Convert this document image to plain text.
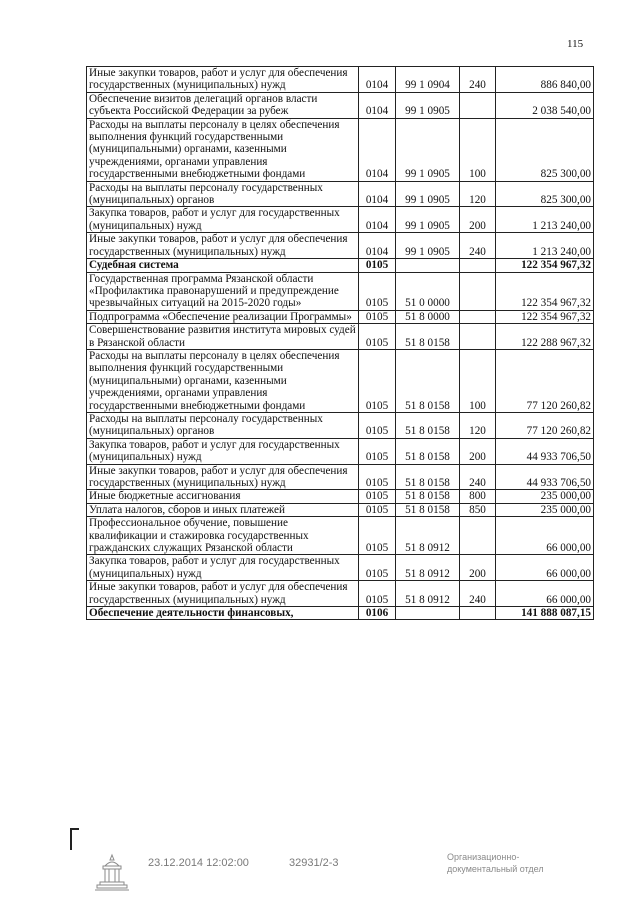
115
Иные закупки товаров, работ и услуг для обеспечения государственных (муниципальных) нужд	0104	99 1 0904	240	886 840,00
Обеспечение визитов делегаций органов власти субъекта Российской Федерации за рубеж	0104	99 1 0905		2 038 540,00
Расходы на выплаты персоналу в целях обеспечения выполнения функций государственными (муниципальными) органами, казенными учреждениями, органами управления государственными внебюджетными фондами	0104	99 1 0905	100	825 300,00
Расходы на выплаты персоналу государственных (муниципальных) органов	0104	99 1 0905	120	825 300,00
Закупка товаров, работ и услуг для государственных (муниципальных) нужд	0104	99 1 0905	200	1 213 240,00
Иные закупки товаров, работ и услуг для обеспечения государственных (муниципальных) нужд	0104	99 1 0905	240	1 213 240,00
Судебная система	0105			122 354 967,32
Государственная программа Рязанской области «Профилактика правонарушений и предупреждение чрезвычайных ситуаций на 2015-2020 годы»	0105	51 0 0000		122 354 967,32
Подпрограмма «Обеспечение реализации Программы»	0105	51 8 0000		122 354 967,32
Совершенствование развития института мировых судей в Рязанской области	0105	51 8 0158		122 288 967,32
Расходы на выплаты персоналу в целях обеспечения выполнения функций государственными (муниципальными) органами, казенными учреждениями, органами управления государственными внебюджетными фондами	0105	51 8 0158	100	77 120 260,82
Расходы на выплаты персоналу государственных (муниципальных) органов	0105	51 8 0158	120	77 120 260,82
Закупка товаров, работ и услуг для государственных (муниципальных) нужд	0105	51 8 0158	200	44 933 706,50
Иные закупки товаров, работ и услуг для обеспечения государственных (муниципальных) нужд	0105	51 8 0158	240	44 933 706,50
Иные бюджетные ассигнования	0105	51 8 0158	800	235 000,00
Уплата налогов, сборов и иных платежей	0105	51 8 0158	850	235 000,00
Профессиональное обучение, повышение квалификации и стажировка государственных гражданских служащих Рязанской области	0105	51 8 0912		66 000,00
Закупка товаров, работ и услуг для государственных (муниципальных) нужд	0105	51 8 0912	200	66 000,00
Иные закупки товаров, работ и услуг для обеспечения государственных (муниципальных) нужд	0105	51 8 0912	240	66 000,00
Обеспечение деятельности финансовых,	0106			141 888 087,15
23.12.2014 12:02:00	32931/2-3	Организационно-
документальный отдел
